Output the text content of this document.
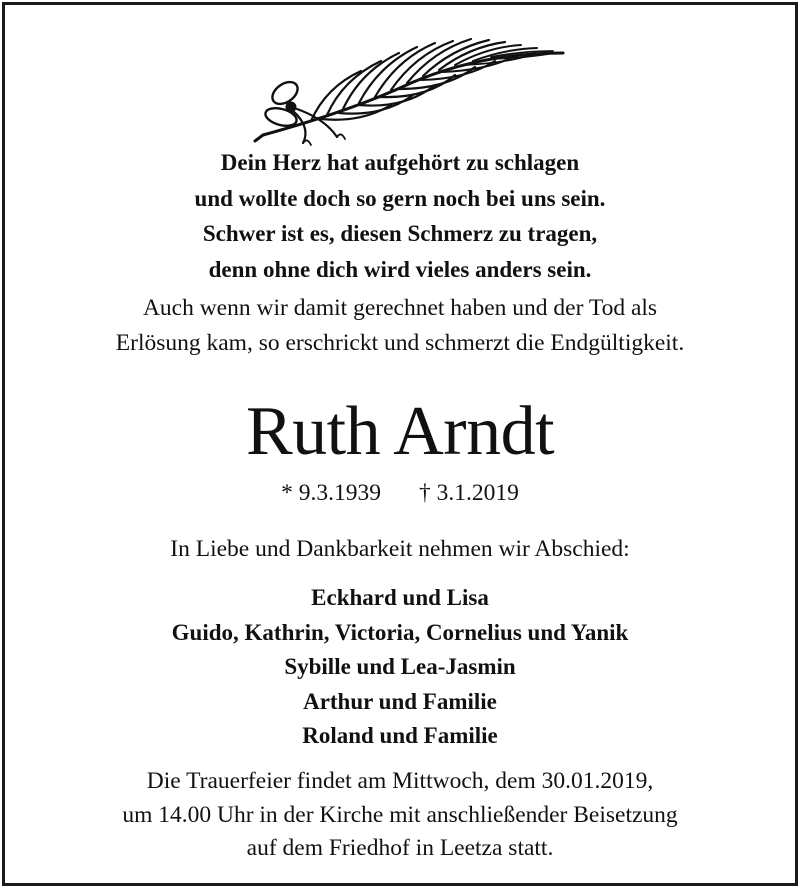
Dein Herz hat aufgehört zu schlagen
und wollte doch so gern noch bei uns sein.
Schwer ist es, diesen Schmerz zu tragen,
denn ohne dich wird vieles anders sein.
Auch wenn wir damit gerechnet haben und der Tod als
Erlösung kam, so erschrickt und schmerzt die Endgültigkeit.
Ruth Arndt
* 9.3.1939 † 3.1.2019
In Liebe und Dankbarkeit nehmen wir Abschied:
Eckhard und Lisa
Guido, Kathrin, Victoria, Cornelius und Yanik
Sybille und Lea-Jasmin
Arthur und Familie
Roland und Familie
Die Trauerfeier findet am Mittwoch, dem 30.01.2019,
um 14.00 Uhr in der Kirche mit anschließender Beisetzung
auf dem Friedhof in Leetza statt.
